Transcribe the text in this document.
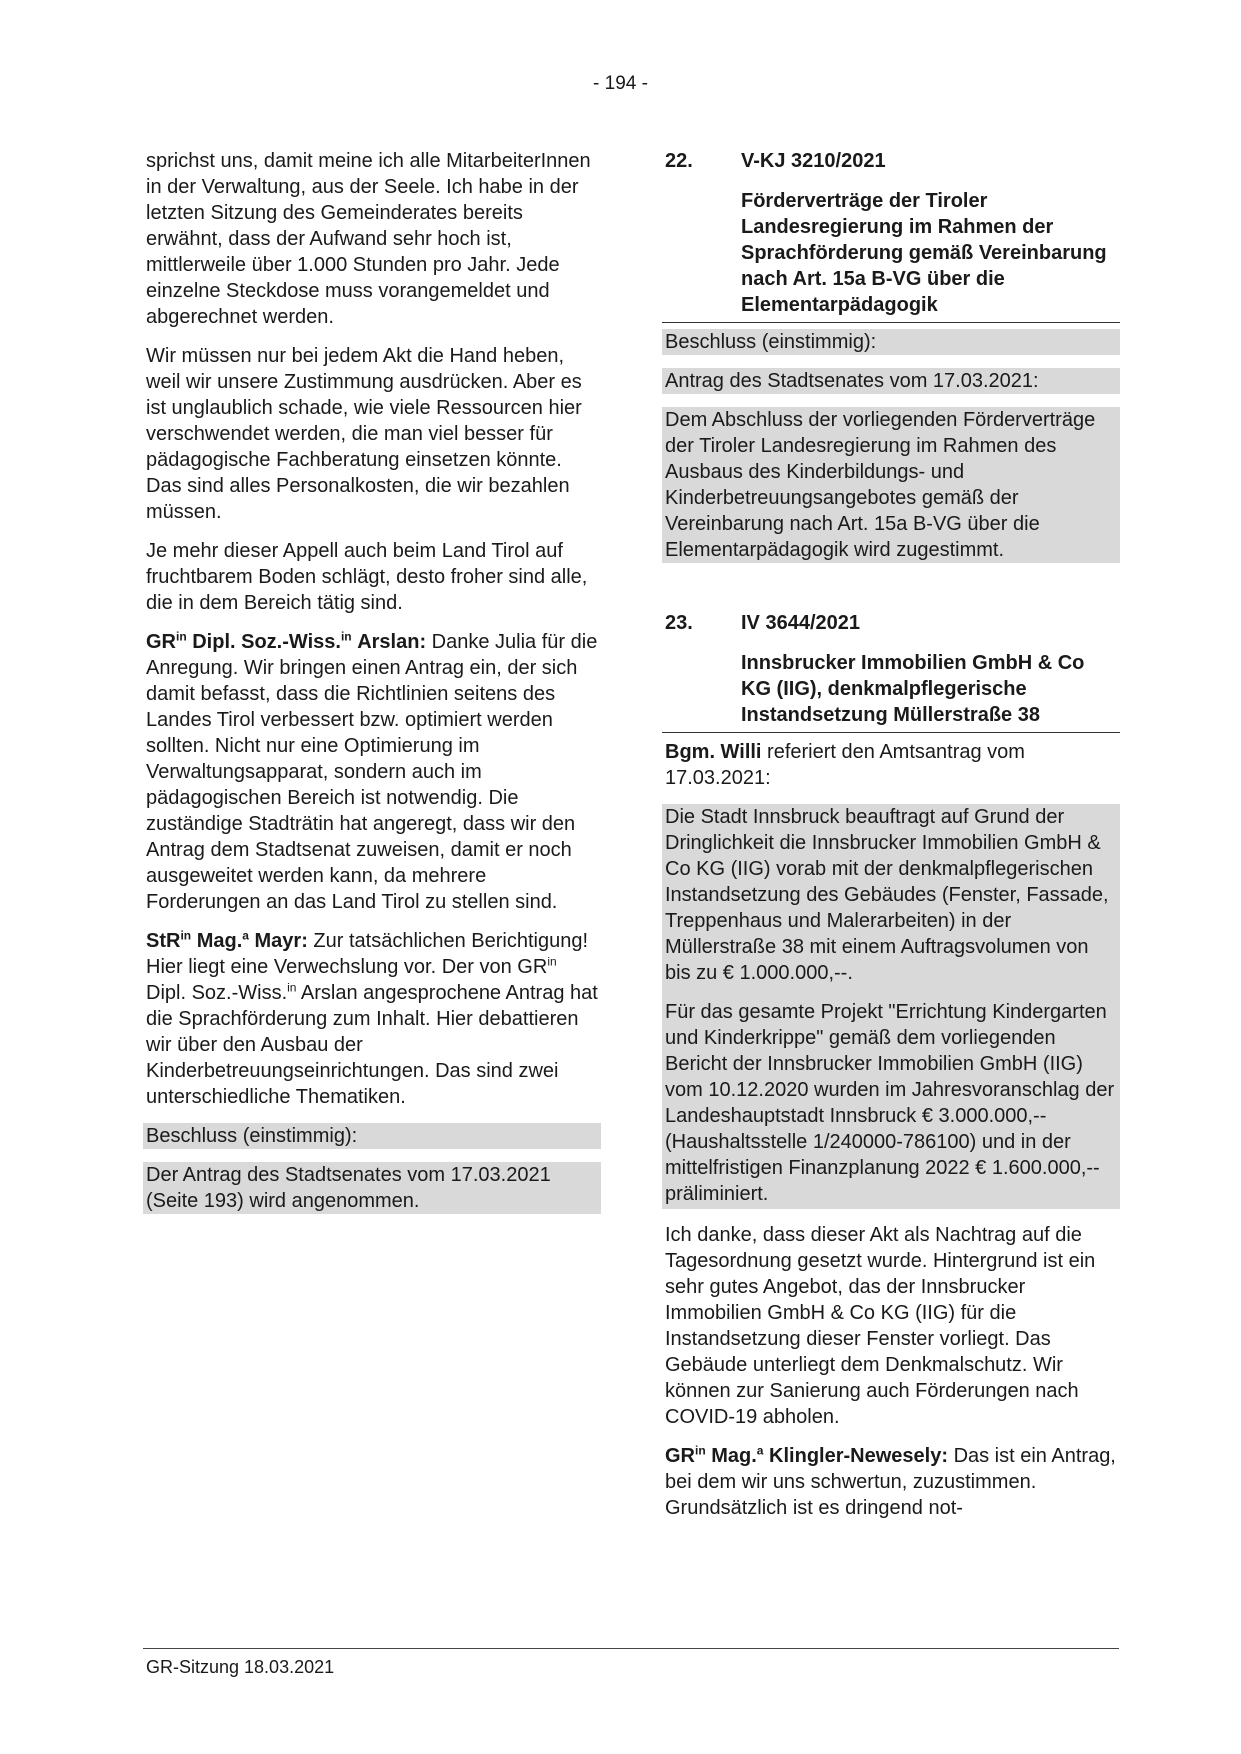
- 194 -

sprichst uns, damit meine ich alle MitarbeiterInnen in der Verwaltung, aus der Seele. Ich habe in der letzten Sitzung des Gemeinderates bereits erwähnt, dass der Aufwand sehr hoch ist, mittlerweile über 1.000 Stunden pro Jahr. Jede einzelne Steckdose muss vorangemeldet und abgerechnet werden.

Wir müssen nur bei jedem Akt die Hand heben, weil wir unsere Zustimmung ausdrücken. Aber es ist unglaublich schade, wie viele Ressourcen hier verschwendet werden, die man viel besser für pädagogische Fachberatung einsetzen könnte. Das sind alles Personalkosten, die wir bezahlen müssen.

Je mehr dieser Appell auch beim Land Tirol auf fruchtbarem Boden schlägt, desto froher sind alle, die in dem Bereich tätig sind.

$GR^{in}$ Dipl. Soz.-Wiss.$^{in}$ Arslan: Danke Julia für die Anregung. Wir bringen einen Antrag ein, der sich damit befasst, dass die Richtlinien seitens des Landes Tirol verbessert bzw. optimiert werden sollten. Nicht nur eine Optimierung im Verwaltungsapparat, sondern auch im pädagogischen Bereich ist notwendig. Die zuständige Stadträtin hat angeregt, dass wir den Antrag dem Stadtsenat zuweisen, damit er noch ausgeweitet werden kann, da mehrere Forderungen an das Land Tirol zu stellen sind.

StR$^{in}$ Mag.$^a$ Mayr: Zur tatsächlichen Berichtigung! Hier liegt eine Verwechslung vor. Der von $GR^{in}$ Dipl. Soz.-Wiss.$^{in}$ Arslan angesprochene Antrag hat die Sprachförderung zum Inhalt. Hier debattieren wir über den Ausbau der Kinderbetreuungseinrichtungen. Das sind zwei unterschiedliche Thematiken.

Beschluss (einstimmig):

Der Antrag des Stadtsenates vom 17.03.2021 (Seite 193) wird angenommen.

22.	V-KJ 3210/2021
Förderverträge der Tiroler Landesregierung im Rahmen der Sprachförderung gemäß Vereinbarung nach Art. 15a B-VG über die Elementarpädagogik

Beschluss (einstimmig):

Antrag des Stadtsenates vom 17.03.2021:

Dem Abschluss der vorliegenden Förderverträge der Tiroler Landesregierung im Rahmen des Ausbaus des Kinderbildungs- und Kinderbetreuungsangebotes gemäß der Vereinbarung nach Art. 15a B-VG über die Elementarpädagogik wird zugestimmt.

23.	IV 3644/2021
Innsbrucker Immobilien GmbH & Co KG (IIG), denkmalpflegerische Instandsetzung Müllerstraße 38

Bgm. Willi referiert den Amtsantrag vom 17.03.2021:

Die Stadt Innsbruck beauftragt auf Grund der Dringlichkeit die Innsbrucker Immobilien GmbH & Co KG (IIG) vorab mit der denkmalpflegerischen Instandsetzung des Gebäudes (Fenster, Fassade, Treppenhaus und Malerarbeiten) in der Müllerstraße 38 mit einem Auftragsvolumen von bis zu € 1.000.000,--.

Für das gesamte Projekt "Errichtung Kindergarten und Kinderkrippe" gemäß dem vorliegenden Bericht der Innsbrucker Immobilien GmbH (IIG) vom 10.12.2020 wurden im Jahresvoranschlag der Landeshauptstadt Innsbruck € 3.000.000,-- (Haushaltsstelle 1/240000-786100) und in der mittelfristigen Finanzplanung 2022 € 1.600.000,-- präliminiert.

Ich danke, dass dieser Akt als Nachtrag auf die Tagesordnung gesetzt wurde. Hintergrund ist ein sehr gutes Angebot, das der Innsbrucker Immobilien GmbH & Co KG (IIG) für die Instandsetzung dieser Fenster vorliegt. Das Gebäude unterliegt dem Denkmalschutz. Wir können zur Sanierung auch Förderungen nach COVID-19 abholen.

$GR^{in}$ Mag.$^a$ Klingler-Newesely: Das ist ein Antrag, bei dem wir uns schwertun, zuzustimmen. Grundsätzlich ist es dringend not-

GR-Sitzung 18.03.2021
